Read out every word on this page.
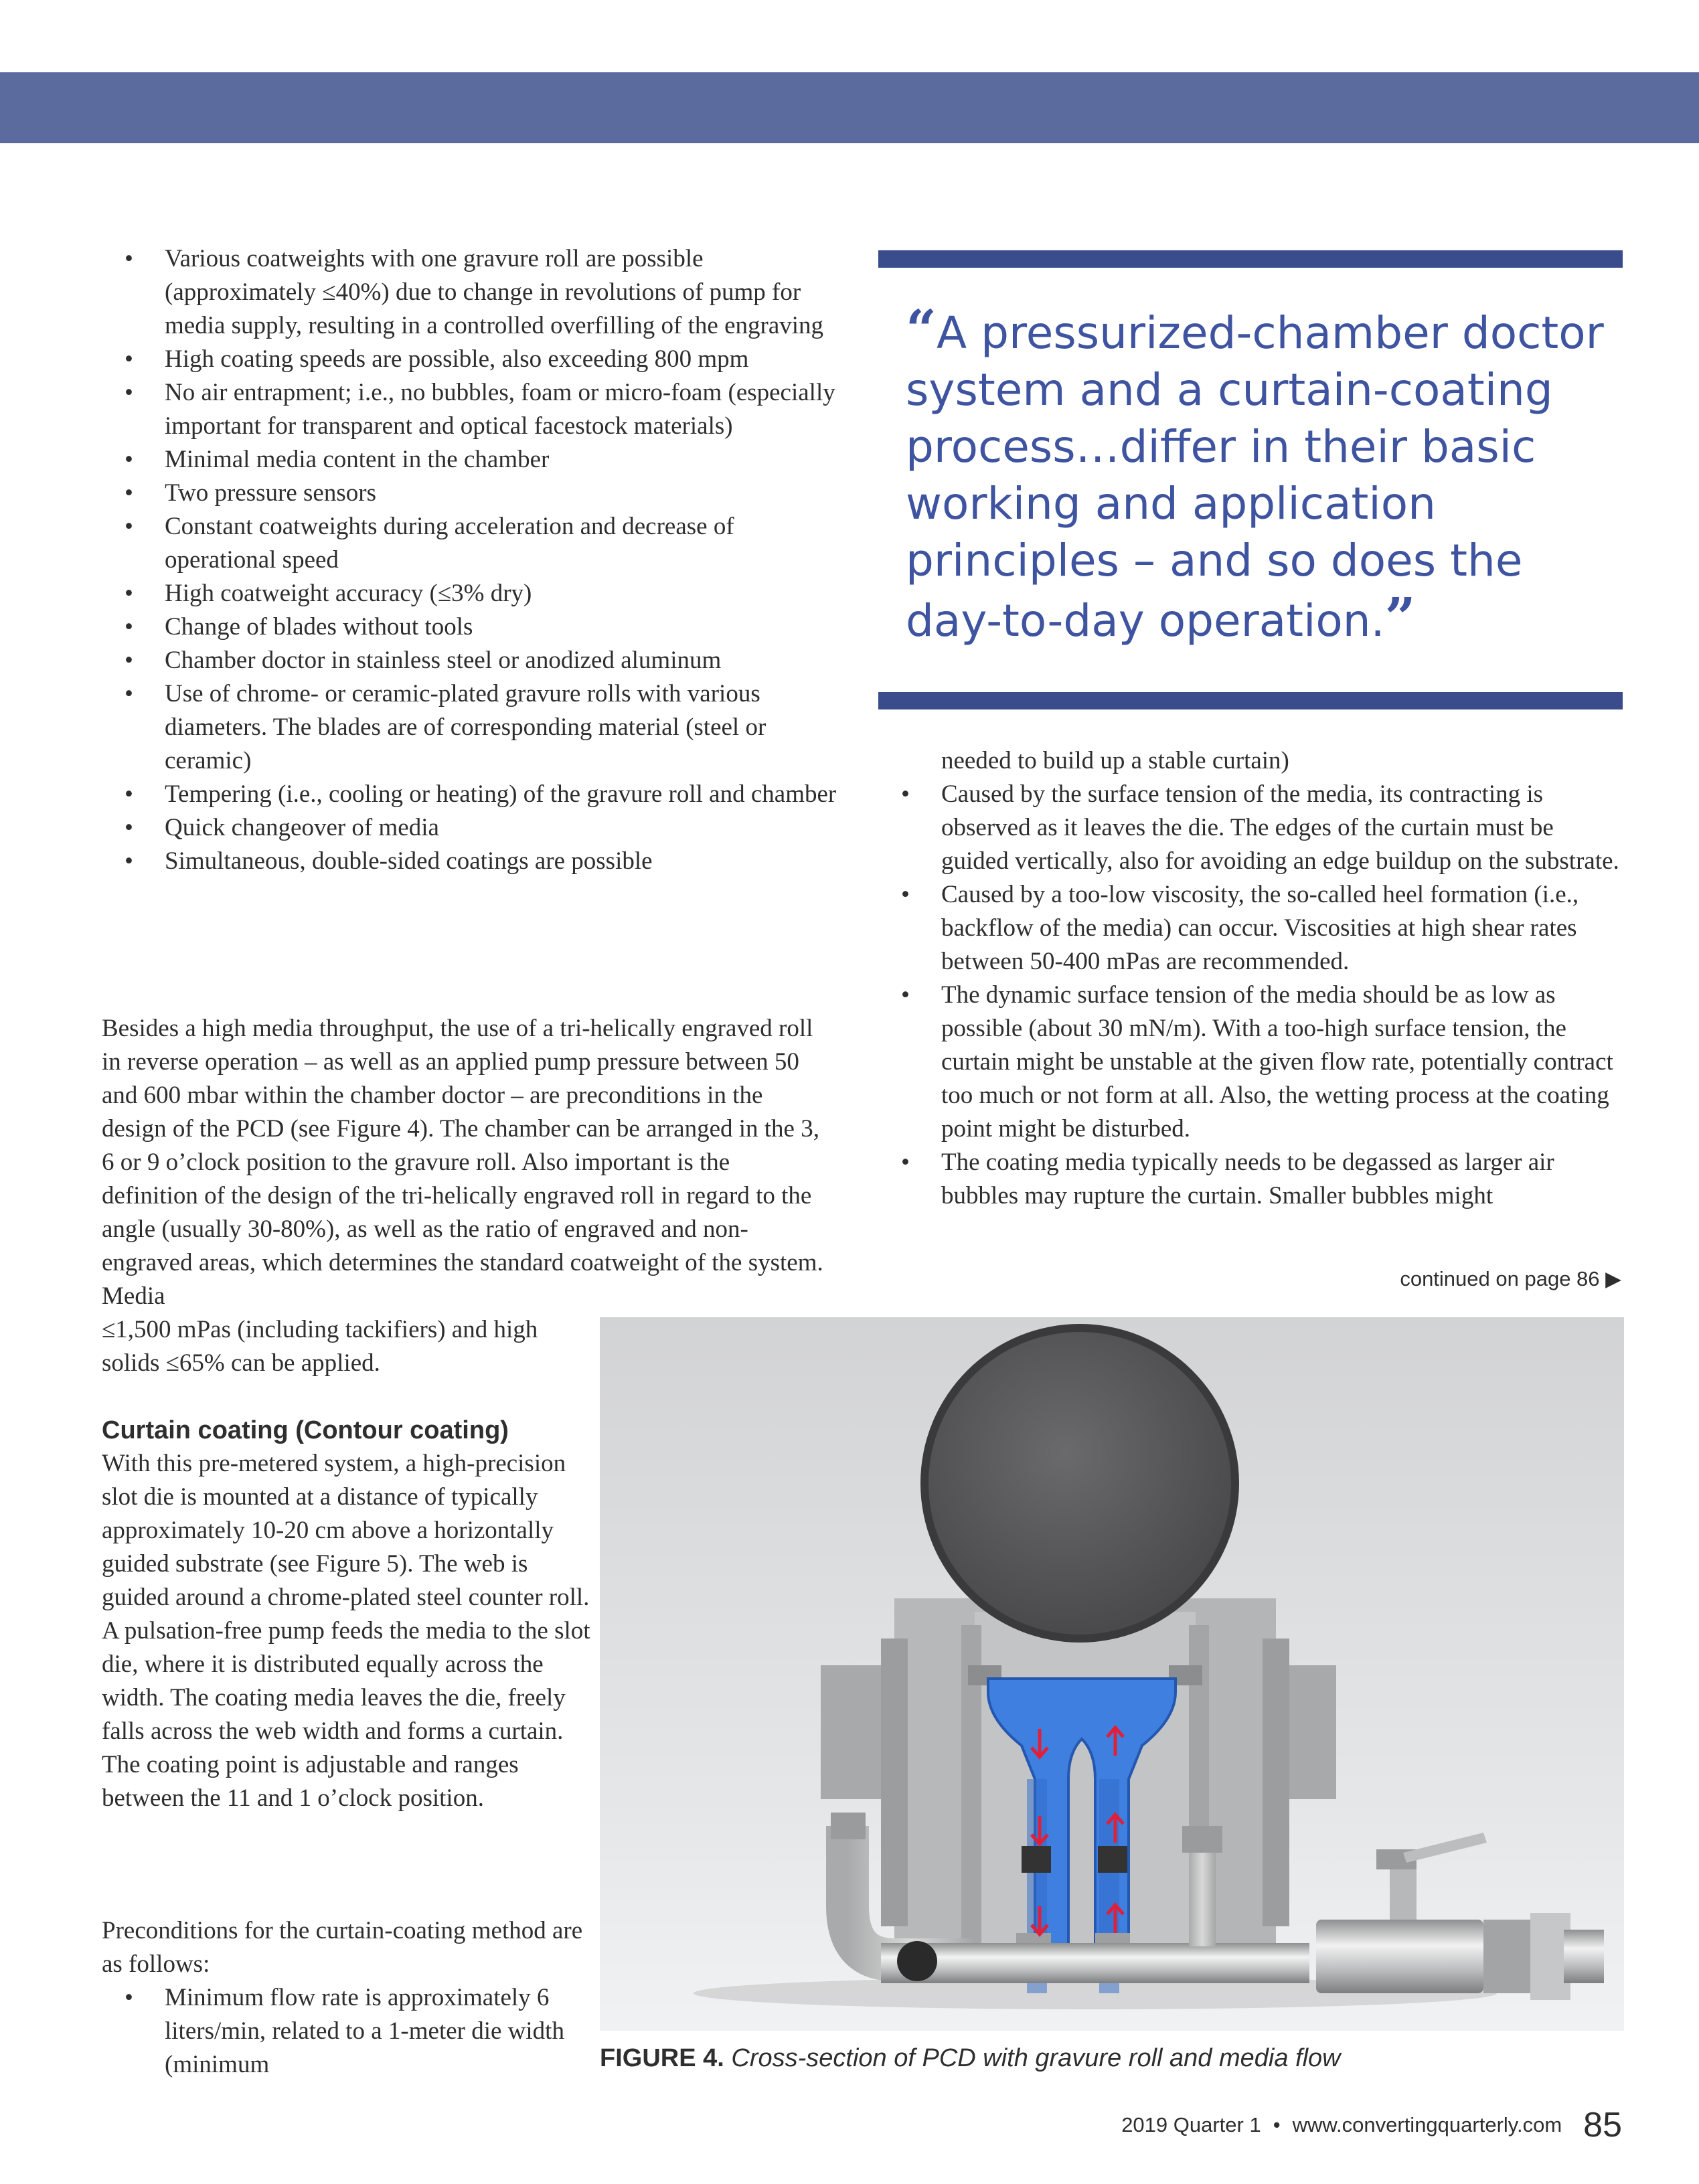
• Various coatweights with one gravure roll are possible (approximately ≤40%) due to change in revolutions of pump for media supply, resulting in a controlled overfilling of the engraving
• High coating speeds are possible, also exceeding 800 mpm
• No air entrapment; i.e., no bubbles, foam or micro-foam (especially important for transparent and optical facestock materials)
• Minimal media content in the chamber
• Two pressure sensors
• Constant coatweights during acceleration and decrease of operational speed
• High coatweight accuracy (≤3% dry)
• Change of blades without tools
• Chamber doctor in stainless steel or anodized aluminum
• Use of chrome- or ceramic-plated gravure rolls with various diameters. The blades are of corresponding material (steel or ceramic)
• Tempering (i.e., cooling or heating) of the gravure roll and chamber
• Quick changeover of media
• Simultaneous, double-sided coatings are possible

Besides a high media throughput, the use of a tri-helically engraved roll in reverse operation – as well as an applied pump pressure between 50 and 600 mbar within the chamber doctor – are preconditions in the design of the PCD (see Figure 4). The chamber can be arranged in the 3, 6 or 9 o’clock position to the gravure roll. Also important is the definition of the design of the tri-helically engraved roll in regard to the angle (usually 30-80%), as well as the ratio of engraved and non-engraved areas, which determines the standard coatweight of the system. Media

≤1,500 mPas (including tackifiers) and high solids ≤65% can be applied.

Curtain coating (Contour coating)

With this pre-metered system, a high-precision slot die is mounted at a distance of typically approximately 10-20 cm above a horizontally guided substrate (see Figure 5). The web is guided around a chrome-plated steel counter roll. A pulsation-free pump feeds the media to the slot die, where it is distributed equally across the width. The coating media leaves the die, freely falls across the web width and forms a curtain. The coating point is adjustable and ranges between the 11 and 1 o’clock position.

Preconditions for the curtain-coating method are as follows:

• Minimum flow rate is approximately 6 liters/min, related to a 1-meter die width (minimum
“A pressurized-chamber doctor system and a curtain-coating process…differ in their basic working and application principles – and so does the day-to-day operation.”

needed to build up a stable curtain)

• Caused by the surface tension of the media, its contracting is observed as it leaves the die. The edges of the curtain must be guided vertically, also for avoiding an edge buildup on the substrate.
• Caused by a too-low viscosity, the so-called heel formation (i.e., backflow of the media) can occur. Viscosities at high shear rates between 50-400 mPas are recommended.
• The dynamic surface tension of the media should be as low as possible (about 30 mN/m). With a too-high surface tension, the curtain might be unstable at the given flow rate, potentially contract too much or not form at all. Also, the wetting process at the coating point might be disturbed.
• The coating media typically needs to be degassed as larger air bubbles may rupture the curtain. Smaller bubbles might
continued on page 86 ▶
FIGURE 4. Cross-section of PCD with gravure roll and media flow
2019 Quarter 1 • www.convertingquarterly.com 85
